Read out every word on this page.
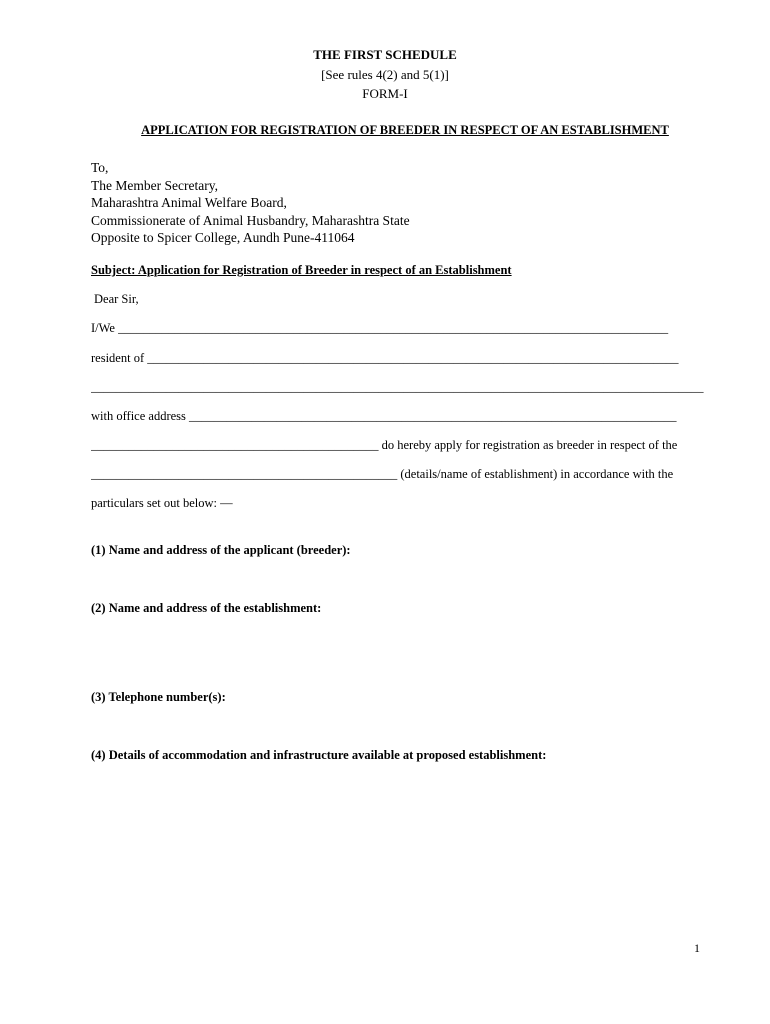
THE FIRST SCHEDULE
[See rules 4(2) and 5(1)]
FORM-I
APPLICATION FOR REGISTRATION OF BREEDER IN RESPECT OF AN ESTABLISHMENT
To,
The Member Secretary,
Maharashtra Animal Welfare Board,
Commissionerate of Animal Husbandry, Maharashtra State
Opposite to Spicer College, Aundh Pune-411064
Subject: Application for Registration of Breeder in respect of an Establishment
Dear Sir,
I/We ________________________________________________________________________________________
resident of _____________________________________________________________________________________
__________________________________________________________________________________________________
with office address ______________________________________________________________________________
______________________________________________ do hereby apply for registration as breeder in respect of the
_________________________________________________ (details/name of establishment) in accordance with the
particulars set out below: —
(1) Name and address of the applicant (breeder):
(2) Name and address of the establishment:
(3) Telephone number(s):
(4) Details of accommodation and infrastructure available at proposed establishment:
1
